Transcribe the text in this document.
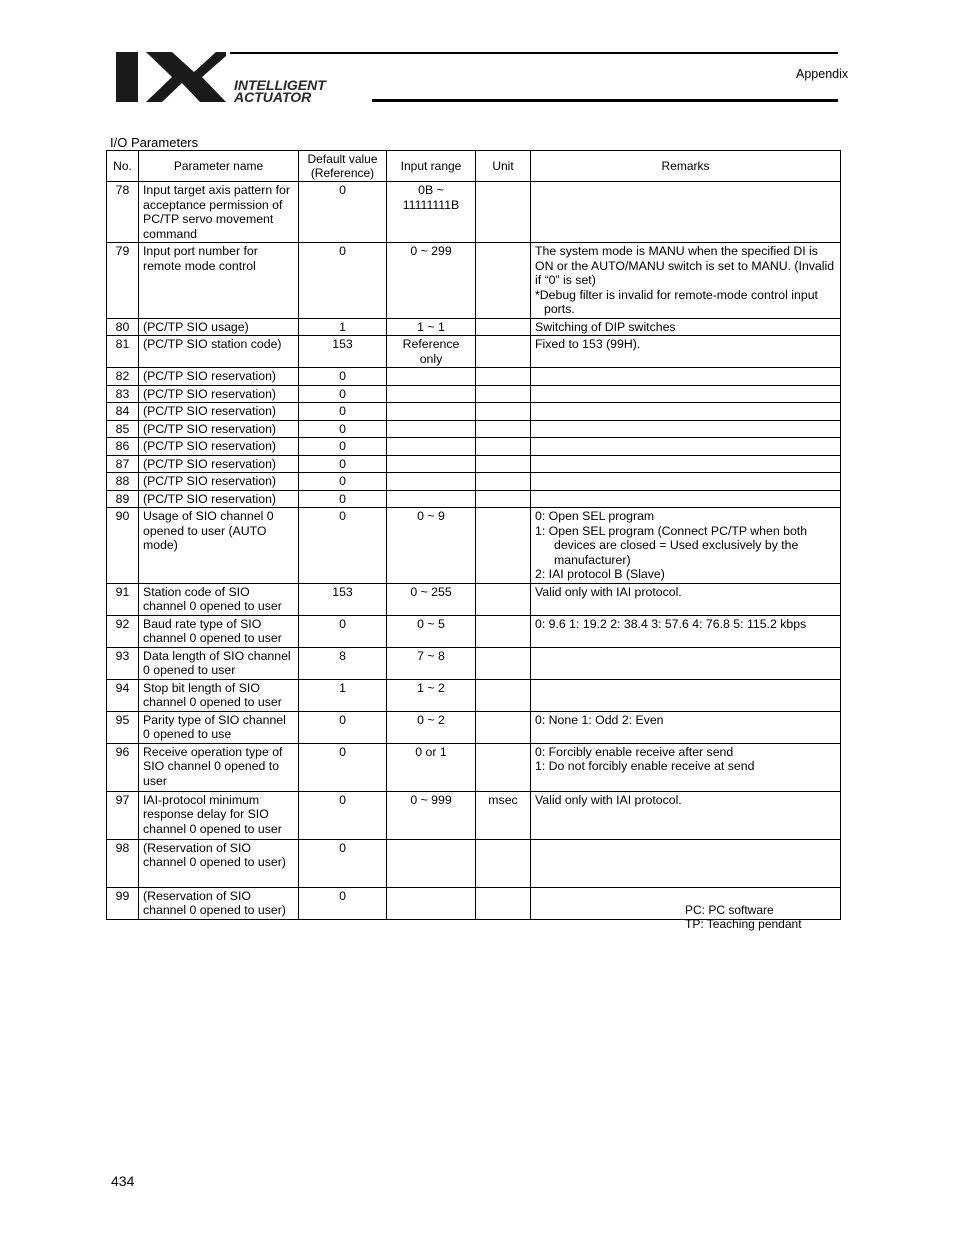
INTELLIGENT
ACTUATOR
Appendix
I/O Parameters
No.	Parameter name	Default value (Reference)	Input range	Unit	Remarks
78	Input target axis pattern for acceptance permission of PC/TP servo movement command	0	0B ~
11111111B		

79	Input port number for remote mode control	0	0 ~ 299		The system mode is MANU when the specified DI is ON or the AUTO/MANU switch is set to MANU. (Invalid if “0” is set)
*Debug filter is invalid for remote-mode control input ports.

80	(PC/TP SIO usage)	1	1 ~ 1		Switching of DIP switches

81	(PC/TP SIO station code)	153	Reference
only		Fixed to 153 (99H).

82	(PC/TP SIO reservation)	0			
83	(PC/TP SIO reservation)	0			
84	(PC/TP SIO reservation)	0			
85	(PC/TP SIO reservation)	0			
86	(PC/TP SIO reservation)	0			
87	(PC/TP SIO reservation)	0			
88	(PC/TP SIO reservation)	0			
89	(PC/TP SIO reservation)	0			
90	Usage of SIO channel 0 opened to user (AUTO mode)	0	0 ~ 9		0: Open SEL program
1: Open SEL program (Connect PC/TP when both devices are closed = Used exclusively by the manufacturer)
2: IAI protocol B (Slave)

91	Station code of SIO channel 0 opened to user	153	0 ~ 255		Valid only with IAI protocol.

92	Baud rate type of SIO channel 0 opened to user	0	0 ~ 5		0: 9.6 1: 19.2 2: 38.4 3: 57.6 4: 76.8 5: 115.2 kbps

93	Data length of SIO channel 0 opened to user	8	7 ~ 8		

94	Stop bit length of SIO channel 0 opened to user	1	1 ~ 2		

95	Parity type of SIO channel 0 opened to use	0	0 ~ 2		0: None 1: Odd 2: Even

96	Receive operation type of SIO channel 0 opened to user	0	0 or 1		0: Forcibly enable receive after send
1: Do not forcibly enable receive at send

97	IAI-protocol minimum response delay for SIO channel 0 opened to user	0	0 ~ 999	msec	Valid only with IAI protocol.

98	(Reservation of SIO channel 0 opened to user)	0			
99	(Reservation of SIO channel 0 opened to user)	0			
PC: PC software
TP: Teaching pendant
434
